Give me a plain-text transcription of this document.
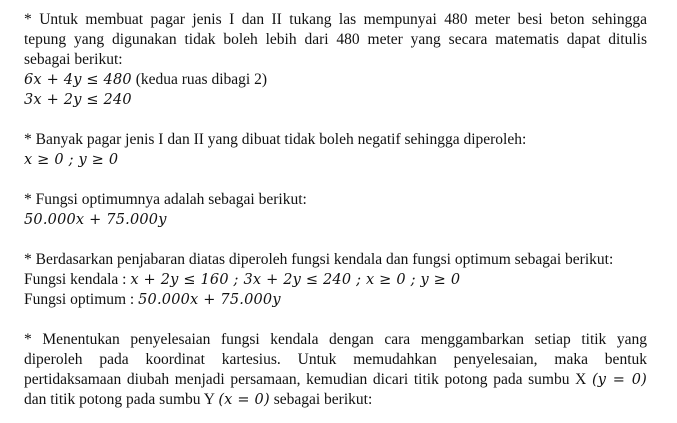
* Untuk membuat pagar jenis I dan II tukang las mempunyai 480 meter besi beton sehingga
tepung yang digunakan tidak boleh lebih dari 480 meter yang secara matematis dapat ditulis
sebagai berikut:
6x + 4y ≤ 480 (kedua ruas dibagi 2)
3x + 2y ≤ 240
* Banyak pagar jenis I dan II yang dibuat tidak boleh negatif sehingga diperoleh:
x ≥ 0 ; y ≥ 0
* Fungsi optimumnya adalah sebagai berikut:
50.000x + 75.000y
* Berdasarkan penjabaran diatas diperoleh fungsi kendala dan fungsi optimum sebagai berikut:
Fungsi kendala : x + 2y ≤ 160 ; 3x + 2y ≤ 240 ; x ≥ 0 ; y ≥ 0
Fungsi optimum : 50.000x + 75.000y
* Menentukan penyelesaian fungsi kendala dengan cara menggambarkan setiap titik yang
diperoleh pada koordinat kartesius. Untuk memudahkan penyelesaian, maka bentuk
pertidaksamaan diubah menjadi persamaan, kemudian dicari titik potong pada sumbu X (y = 0)
dan titik potong pada sumbu Y (x = 0) sebagai berikut:
